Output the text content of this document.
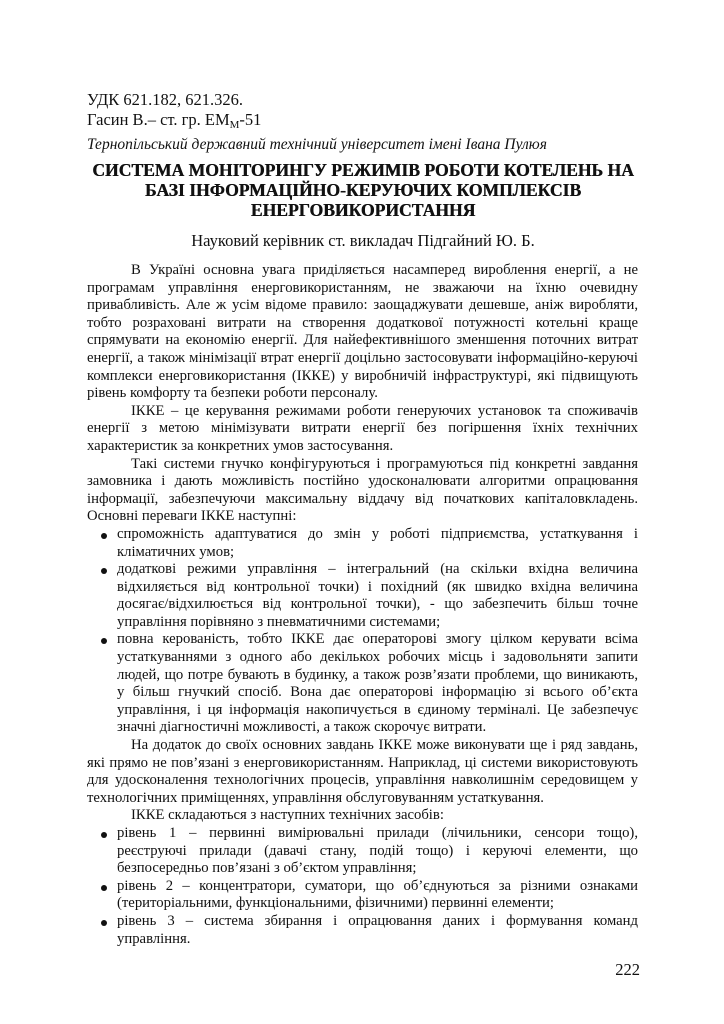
УДК 621.182, 621.326.
Гасин В.– ст. гр. $ЕМ_М-51$
Тернопільський державний технічний університет імені Івана Пулюя
СИСТЕМА МОНІТОРИНГУ РЕЖИМІВ РОБОТИ КОТЕЛЕНЬ НА
БАЗІ ІНФОРМАЦІЙНО-КЕРУЮЧИХ КОМПЛЕКСІВ
ЕНЕРГОВИКОРИСТАННЯ
Науковий керівник ст. викладач Підгайний Ю. Б.

В Україні основна увага приділяється насамперед вироблення енергії, а не програмам управління енерговикористанням, не зважаючи на їхню очевидну привабливість. Але ж усім відоме правило: заощаджувати дешевше, аніж виробляти, тобто розраховані витрати на створення додаткової потужності котельні краще спрямувати на економію енергії. Для найефективнішого зменшення поточних витрат енергії, а також мінімізації втрат енергії доцільно застосовувати інформаційно-керуючі комплекси енерговикористання (ІККЕ) у виробничій інфраструктурі, які підвищують рівень комфорту та безпеки роботи персоналу.

ІККЕ – це керування режимами роботи генеруючих установок та споживачів енергії з метою мінімізувати витрати енергії без погіршення їхніх технічних характеристик за конкретних умов застосування.

Такі системи гнучко конфігуруються і програмуються під конкретні завдання замовника і дають можливість постійно удосконалювати алгоритми опрацювання інформації, забезпечуючи максимальну віддачу від початкових капіталовкладень. Основні переваги ІККЕ наступні:

спроможність адаптуватися до змін у роботі підприємства, устаткування і кліматичних умов;
додаткові режими управління – інтегральний (на скільки вхідна величина відхиляється від контрольної точки) і похідний (як швидко вхідна величина досягає/відхилюється від контрольної точки), - що забезпечить більш точне управління порівняно з пневматичними системами;
повна керованість, тобто ІККЕ дає операторові змогу цілком керувати всіма устаткуваннями з одного або декількох робочих місць і задовольняти запити людей, що потре бувають в будинку, а також розв’язати проблеми, що виникають, у більш гнучкий спосіб. Вона дає операторові інформацію зі всього об’єкта управління, і ця інформація накопичується в єдиному терміналі. Це забезпечує значні діагностичні можливості, а також скорочує витрати.

На додаток до своїх основних завдань ІККЕ може виконувати ще і ряд завдань, які прямо не пов’язані з енерговикористанням. Наприклад, ці системи використовують для удосконалення технологічних процесів, управління навколишнім середовищем у технологічних приміщеннях, управління обслуговуванням устаткування.

ІККЕ складаються з наступних технічних засобів:

рівень 1 – первинні вимірювальні прилади (лічильники, сенсори тощо), реєструючі прилади (давачі стану, подій тощо) і керуючі елементи, що безпосередньо пов’язані з об’єктом управління;
рівень 2 – концентратори, суматори, що об’єднуються за різними ознаками (територіальними, функціональними, фізичними) первинні елементи;
рівень 3 – система збирання і опрацювання даних і формування команд управління.
222
